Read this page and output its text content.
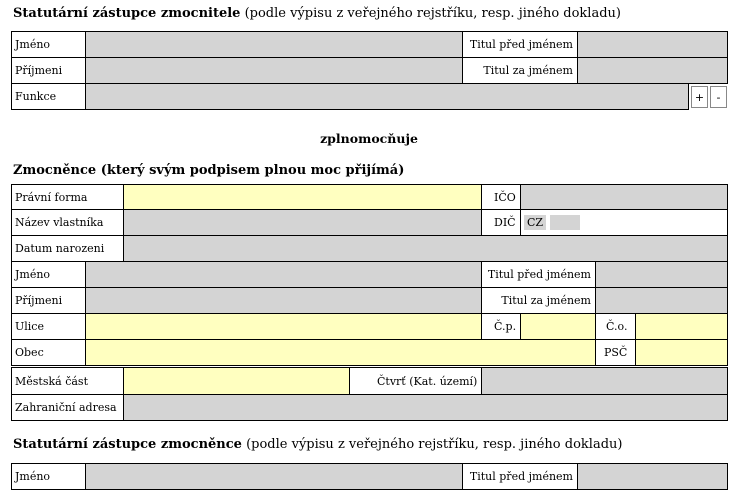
Statutární zástupce zmocnitele (podle výpisu z veřejného rejstříku, resp. jiného dokladu)
Jméno	Titul před jménem
Příjmeni	Titul za jménem
Funkce	+	-
zplnomocňuje
Zmocněnce (který svým podpisem plnou moc přijímá)
Právní forma	IČO
Název vlastníka	DIČ	CZ
Datum narozeni
Jméno	Titul před jménem
Příjmeni	Titul za jménem
Ulice	Č.p.	Č.o.
Obec	PSČ
Městská část	Čtvrť (Kat. území)
Zahraniční adresa
Statutární zástupce zmocněnce (podle výpisu z veřejného rejstříku, resp. jiného dokladu)
Jméno	Titul před jménem
